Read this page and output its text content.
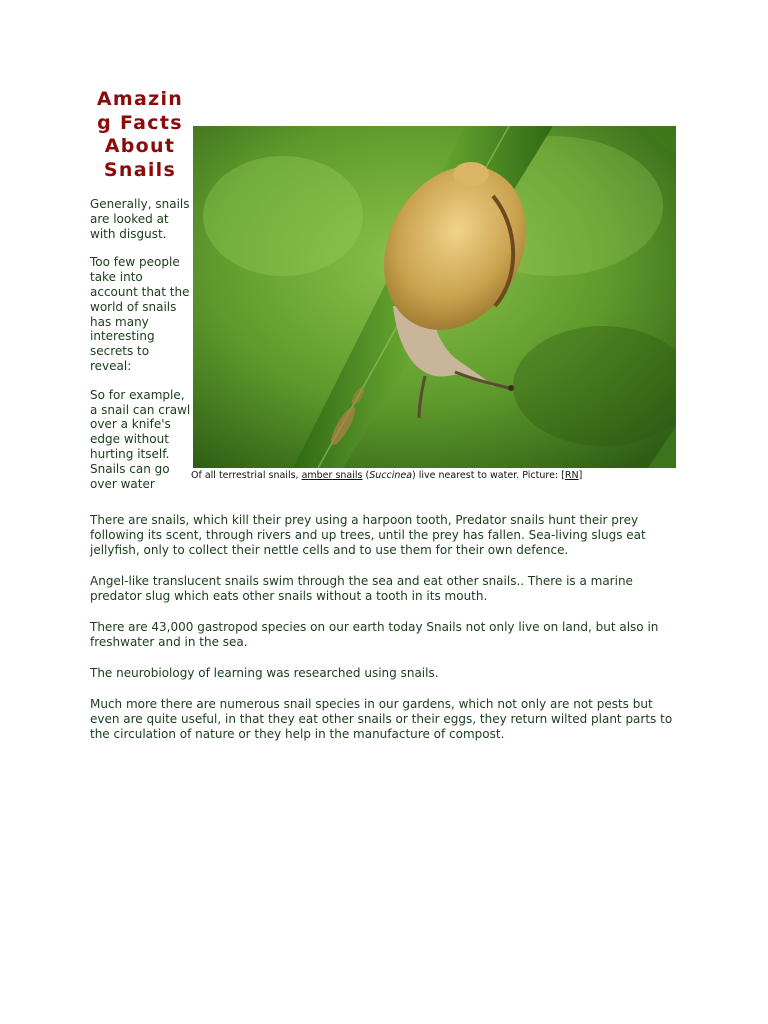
Amazin
g Facts
About
Snails

Generally, snails
are looked at
with disgust.

Too few people
take into
account that the
world of snails
has many
interesting
secrets to
reveal:

So for example,
a snail can crawl
over a knife's
edge without
hurting itself.
Snails can go
over water

Of all terrestrial snails, amber snails (Succinea) live nearest to water. Picture: [RN]

There are snails, which kill their prey using a harpoon tooth, Predator snails hunt their prey following its scent, through rivers and up trees, until the prey has fallen. Sea-living slugs eat jellyfish, only to collect their nettle cells and to use them for their own defence.

Angel-like translucent snails swim through the sea and eat other snails.. There is a marine predator slug which eats other snails without a tooth in its mouth.

There are 43,000 gastropod species on our earth today Snails not only live on land, but also in freshwater and in the sea.

The neurobiology of learning was researched using snails.

Much more there are numerous snail species in our gardens, which not only are not pests but even are quite useful, in that they eat other snails or their eggs, they return wilted plant parts to the circulation of nature or they help in the manufacture of compost.
